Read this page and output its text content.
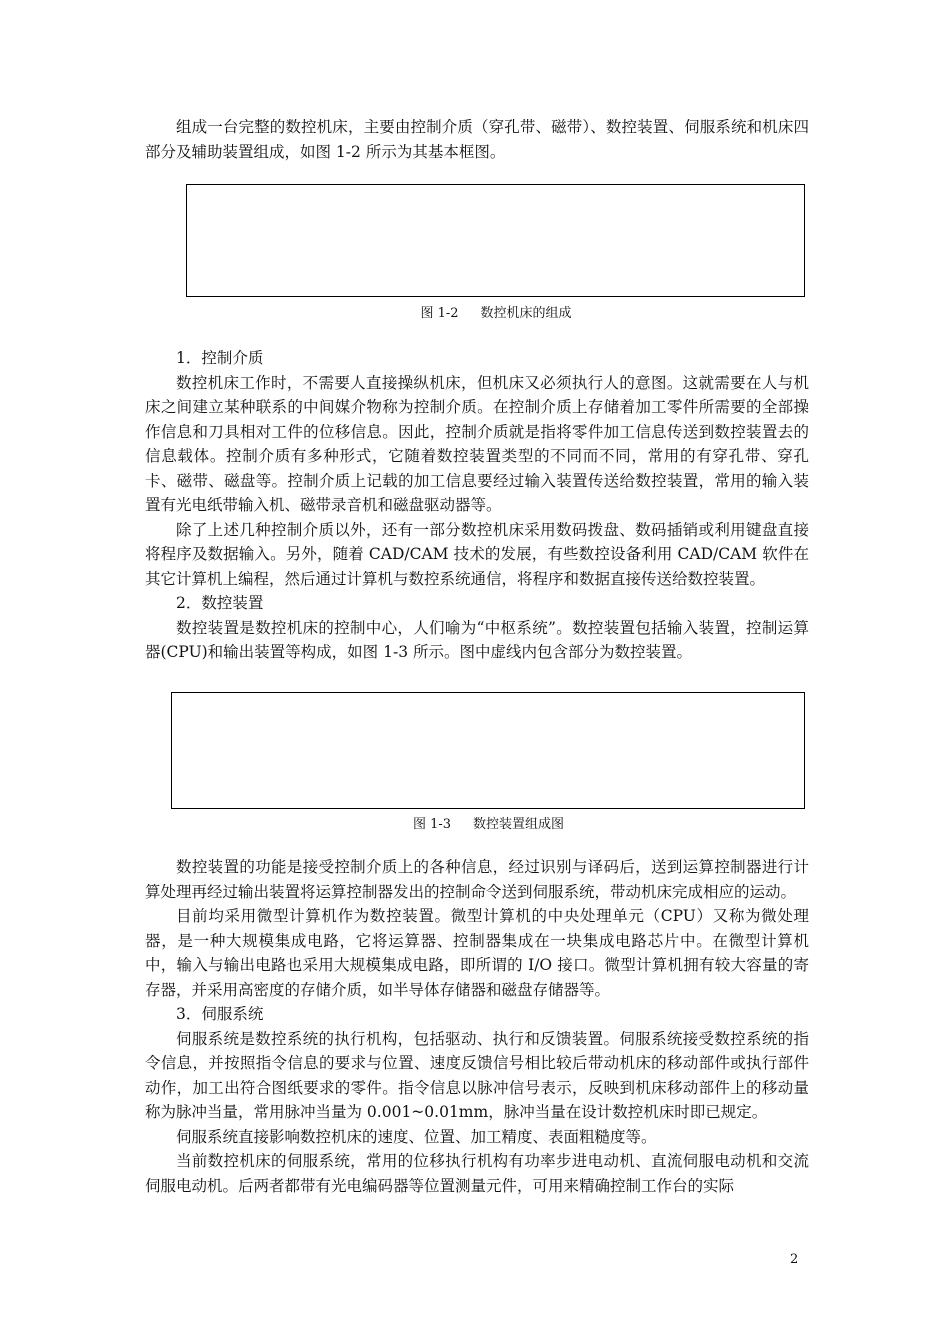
组成一台完整的数控机床，主要由控制介质（穿孔带、磁带）、数控装置、伺服系统和机床四部分及辅助装置组成，如图 1-2 所示为其基本框图。

图 1-2 数控机床的组成

1．控制介质

数控机床工作时，不需要人直接操纵机床，但机床又必须执行人的意图。这就需要在人与机床之间建立某种联系的中间媒介物称为控制介质。在控制介质上存储着加工零件所需要的全部操作信息和刀具相对工件的位移信息。因此，控制介质就是指将零件加工信息传送到数控装置去的信息载体。控制介质有多种形式，它随着数控装置类型的不同而不同，常用的有穿孔带、穿孔卡、磁带、磁盘等。控制介质上记载的加工信息要经过输入装置传送给数控装置，常用的输入装置有光电纸带输入机、磁带录音机和磁盘驱动器等。

除了上述几种控制介质以外，还有一部分数控机床采用数码拨盘、数码插销或利用键盘直接将程序及数据输入。另外，随着 CAD/CAM 技术的发展，有些数控设备利用 CAD/CAM 软件在其它计算机上编程，然后通过计算机与数控系统通信，将程序和数据直接传送给数控装置。

2．数控装置

数控装置是数控机床的控制中心，人们喻为“中枢系统”。数控装置包括输入装置，控制运算器(CPU)和输出装置等构成，如图 1-3 所示。图中虚线内包含部分为数控装置。

图 1-3 数控装置组成图

数控装置的功能是接受控制介质上的各种信息，经过识别与译码后，送到运算控制器进行计算处理再经过输出装置将运算控制器发出的控制命令送到伺服系统，带动机床完成相应的运动。

目前均采用微型计算机作为数控装置。微型计算机的中央处理单元（CPU）又称为微处理器，是一种大规模集成电路，它将运算器、控制器集成在一块集成电路芯片中。在微型计算机中，输入与输出电路也采用大规模集成电路，即所谓的 I/O 接口。微型计算机拥有较大容量的寄存器，并采用高密度的存储介质，如半导体存储器和磁盘存储器等。

3．伺服系统

伺服系统是数控系统的执行机构，包括驱动、执行和反馈装置。伺服系统接受数控系统的指令信息，并按照指令信息的要求与位置、速度反馈信号相比较后带动机床的移动部件或执行部件动作，加工出符合图纸要求的零件。指令信息以脉冲信号表示，反映到机床移动部件上的移动量称为脉冲当量，常用脉冲当量为 0.001~0.01mm，脉冲当量在设计数控机床时即已规定。

伺服系统直接影响数控机床的速度、位置、加工精度、表面粗糙度等。

当前数控机床的伺服系统，常用的位移执行机构有功率步进电动机、直流伺服电动机和交流伺服电动机。后两者都带有光电编码器等位置测量元件，可用来精确控制工作台的实际

2
